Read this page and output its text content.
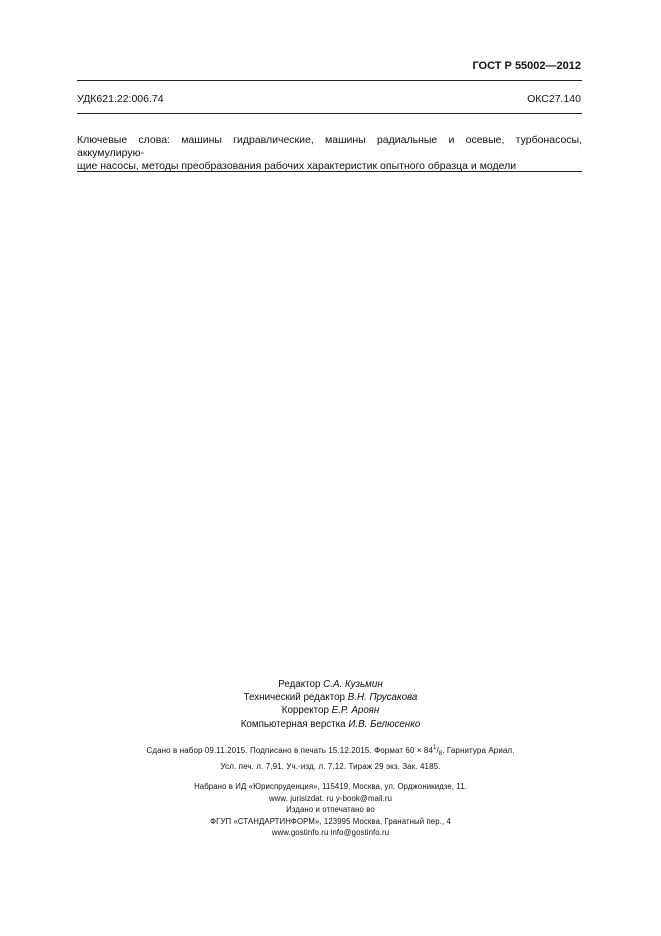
ГОСТ Р 55002—2012
УДК621.22:006.74	ОКС27.140
Ключевые слова: машины гидравлические, машины радиальные и осевые, турбонасосы, аккумулирую-
щие насосы, методы преобразования рабочих характеристик опытного образца и модели
Редактор С.А. Кузьмин
Технический редактор В.Н. Прусакова
Корректор Е.Р. Ароян
Компьютерная верстка И.В. Белюсенко
Сдано в набор 09.11.2015. Подписано в печать 15.12.2015. Формат $60 \times 84^1/_8$. Гарнитура Ариал.
Усл. печ. л. 7,91. Уч.-изд. л. 7,12. Тираж 29 экз. Зак. 4185.
Набрано в ИД «Юриспруденция», 115419, Москва, ул. Орджоникидзе, 11.
www. jurisizdat. ru y-book@mail.ru
Издано и отпечатано во
ФГУП «СТАНДАРТИНФОРМ», 123995 Москва, Гранатный пер., 4
www.gostinfo.ru info@gostinfo.ru
